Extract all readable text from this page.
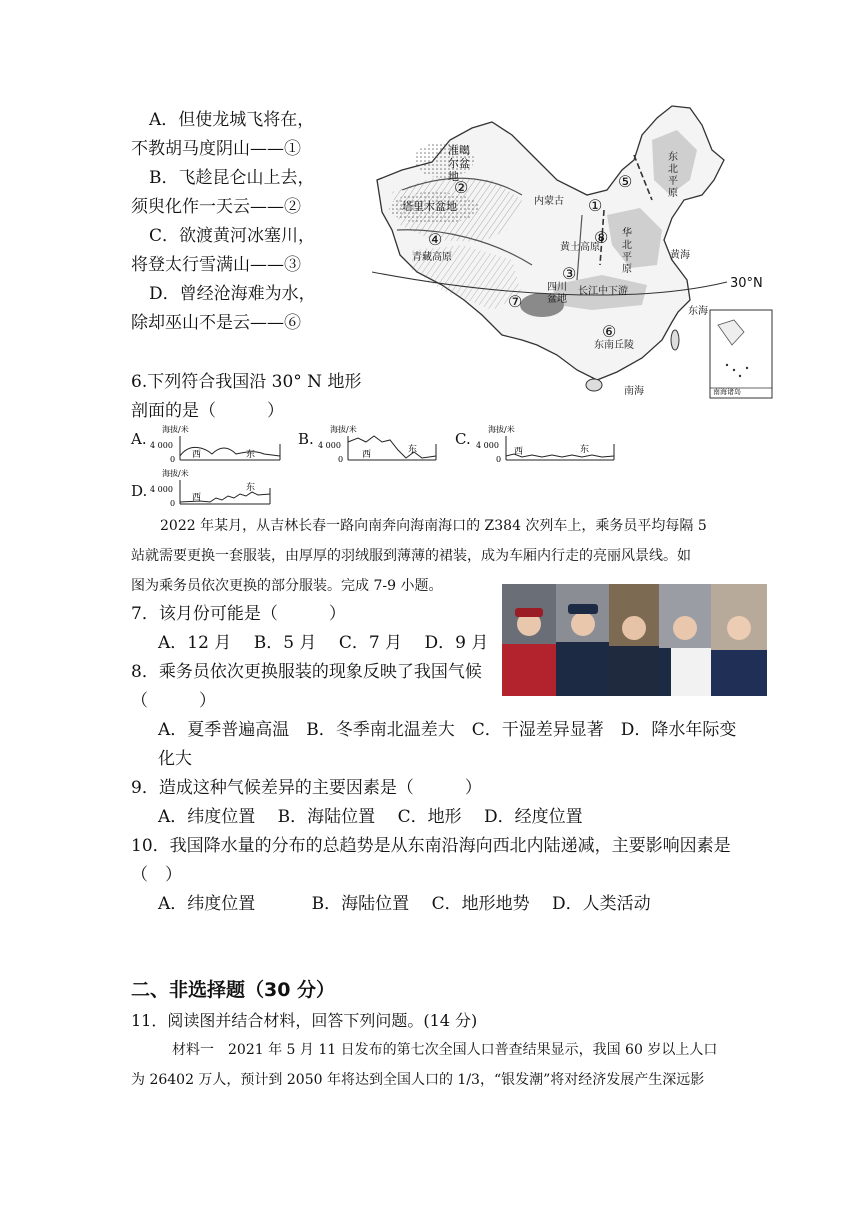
A．但使龙城飞将在，
不教胡马度阴山——①
B．飞趁昆仑山上去，
须臾化作一天云——②
C．欲渡黄河冰塞川，
将登太行雪满山——③
D．曾经沧海难为水，
除却巫山不是云——⑥
准噶尔盆地
塔里木盆地
青藏高原
内蒙古
黄土高原
华北平原
东北平原
四川盆地
长江中下游
东南丘陵
黄海
东海
南海
30°N
南海诸岛
②
④
①
③
⑤
⑥
⑦
⑧
6.下列符合我国沿 30° N 地形
剖面的是（　　　）
A.
海拔/米
4 000
0 西	东
B.
海拔/米
4 000
0 西	东
C.
海拔/米
4 000
0
西	东
D.
海拔/米
4 000
0
西
东
2022 年某月，从吉林长春一路向南奔向海南海口的 Z384 次列车上，乘务员平均每隔 5
站就需要更换一套服装，由厚厚的羽绒服到薄薄的裙装，成为车厢内行走的亮丽风景线。如
图为乘务员依次更换的部分服装。完成 7-9 小题。
7．该月份可能是（　　　）
A．12 月　 B．5 月　 C．7 月　 D．9 月
8．乘务员依次更换服装的现象反映了我国气候
（　　　）
A．夏季普遍高温　B．冬季南北温差大　C．干湿差异显著　D．降水年际变
化大
9．造成这种气候差异的主要因素是（　　　）
A．纬度位置　 B．海陆位置　 C．地形　 D．经度位置
10．我国降水量的分布的总趋势是从东南沿海向西北内陆递减，主要影响因素是
（　）
A．纬度位置　　 　B．海陆位置　 C．地形地势　 D．人类活动
二、非选择题（30 分）
11．阅读图并结合材料，回答下列问题。(14 分)
材料一　2021 年 5 月 11 日发布的第七次全国人口普查结果显示，我国 60 岁以上人口
为 26402 万人，预计到 2050 年将达到全国人口的 1/3，“银发潮”将对经济发展产生深远影
